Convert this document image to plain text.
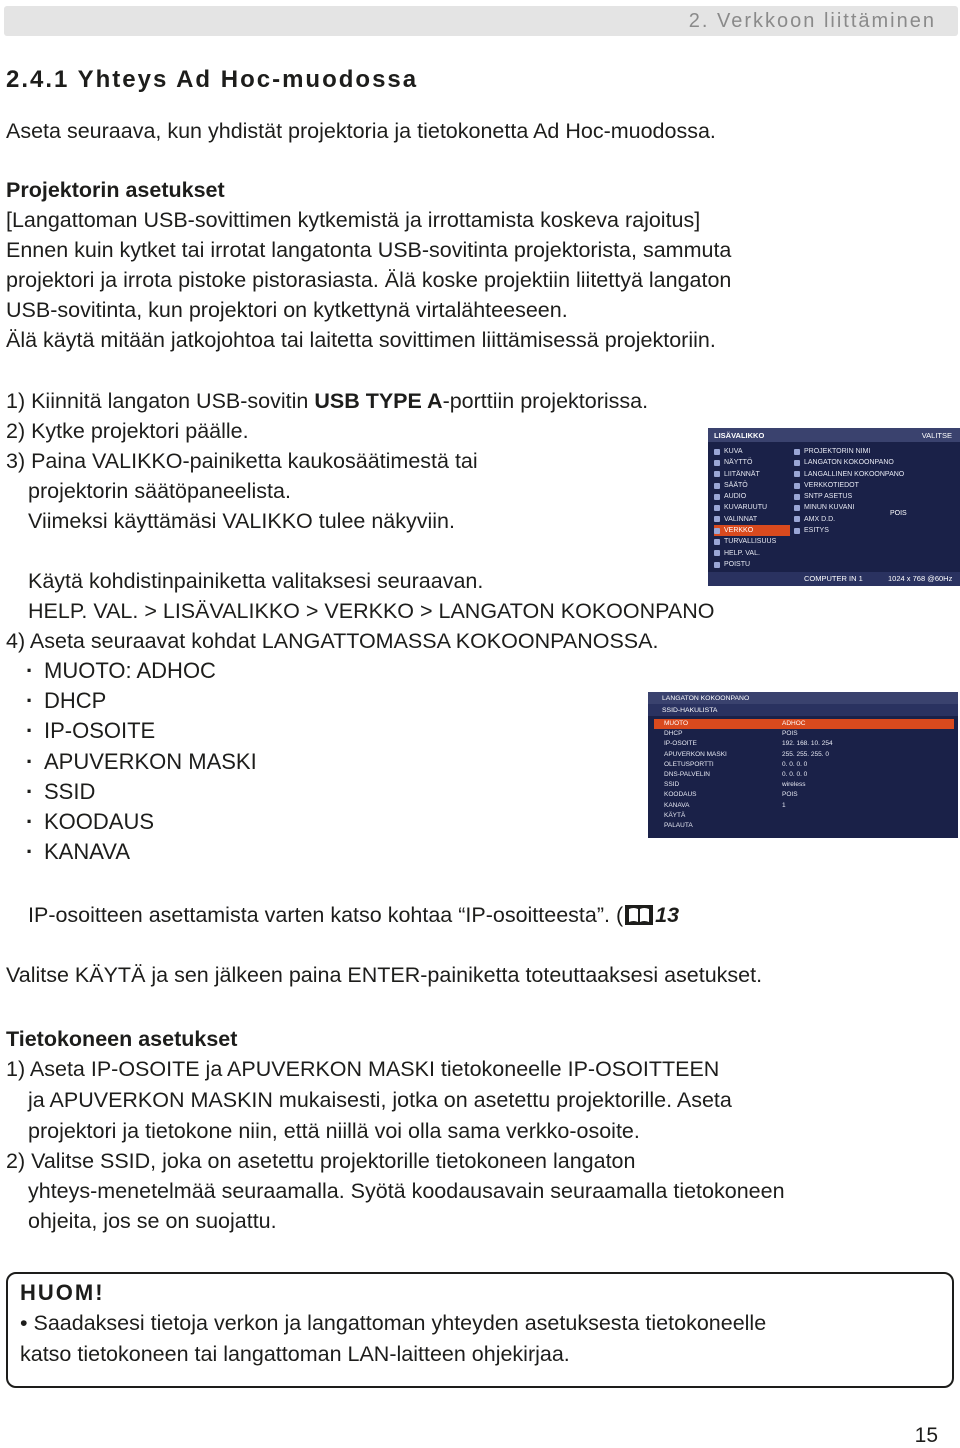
2. Verkkoon liittäminen
2.4.1 Yhteys Ad Hoc-muodossa
Aseta seuraava, kun yhdistät projektoria ja tietokonetta Ad Hoc-muodossa.
Projektorin asetukset
[Langattoman USB-sovittimen kytkemistä ja irrottamista koskeva rajoitus]
Ennen kuin kytket tai irrotat langatonta USB-sovitinta projektorista, sammuta
projektori ja irrota pistoke pistorasiasta. Älä koske projektiin liitettyä langaton
USB-sovitinta, kun projektori on kytkettynä virtalähteeseen.
Älä käytä mitään jatkojohtoa tai laitetta sovittimen liittämisessä projektoriin.
1) Kiinnitä langaton USB-sovitin USB TYPE A-porttiin projektorissa.
2) Kytke projektori päälle.
3) Paina VALIKKO-painiketta kaukosäätimestä tai
projektorin säätöpaneelista.
Viimeksi käyttämäsi VALIKKO tulee näkyviin.
Käytä kohdistinpainiketta valitaksesi seuraavan.
HELP. VAL. > LISÄVALIKKO > VERKKO > LANGATON KOKOONPANO
4) Aseta seuraavat kohdat LANGATTOMASSA KOKOONPANOSSA.
· MUOTO: ADHOC
· DHCP
· IP-OSOITE
· APUVERKON MASKI
· SSID
· KOODAUS
· KANAVA
IP-osoitteen asettamista varten katso kohtaa “IP-osoitteesta”. ( 13
Valitse KÄYTÄ ja sen jälkeen paina ENTER-painiketta toteuttaaksesi asetukset.
LISÄVALIKKO	VALITSE
KUVA
NÄYTTÖ
LIITÄNNÄT
SÄÄTÖ
AUDIO
KUVARUUTU
VALINNAT
VERKKO
TURVALLISUUS
HELP. VAL.
POISTU
PROJEKTORIN NIMI
LANGATON KOKOONPANO
LANGALLINEN KOKOONPANO
VERKKOTIEDOT
SNTP ASETUS
MINUN KUVANI
AMX D.D.
ESITYS
POIS
COMPUTER IN 1	1024 x 768 @60Hz
LANGATON KOKOONPANO
SSID-HAKULISTA
MUOTO	ADHOC
DHCP	POIS
IP-OSOITE	192. 168. 10. 254
APUVERKON MASKI	255. 255. 255. 0
OLETUSPORTTI	0. 0. 0. 0
DNS-PALVELIN	0. 0. 0. 0
SSID	wireless
KOODAUS	POIS
KANAVA	1
KÄYTÄ
PALAUTA
Tietokoneen asetukset
1) Aseta IP-OSOITE ja APUVERKON MASKI tietokoneelle IP-OSOITTEEN
ja APUVERKON MASKIN mukaisesti, jotka on asetettu projektorille. Aseta
projektori ja tietokone niin, että niillä voi olla sama verkko-osoite.
2) Valitse SSID, joka on asetettu projektorille tietokoneen langaton
yhteys-menetelmää seuraamalla. Syötä koodausavain seuraamalla tietokoneen
ohjeita, jos se on suojattu.
HUOM!
• Saadaksesi tietoja verkon ja langattoman yhteyden asetuksesta tietokoneelle
katso tietokoneen tai langattoman LAN-laitteen ohjekirjaa.
15
